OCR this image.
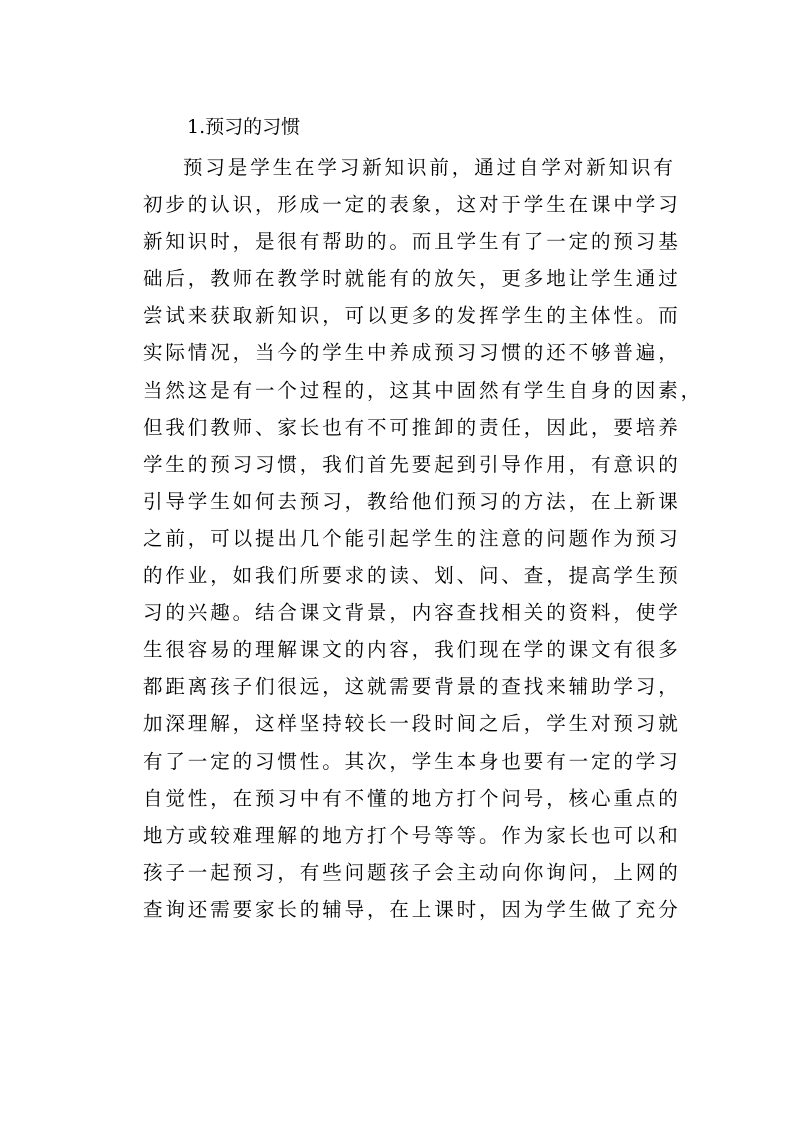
1.预习的习惯
预习是学生在学习新知识前，通过自学对新知识有
初步的认识，形成一定的表象，这对于学生在课中学习
新知识时，是很有帮助的。而且学生有了一定的预习基
础后，教师在教学时就能有的放矢，更多地让学生通过
尝试来获取新知识，可以更多的发挥学生的主体性。而
实际情况，当今的学生中养成预习习惯的还不够普遍，
当然这是有一个过程的，这其中固然有学生自身的因素，
但我们教师、家长也有不可推卸的责任，因此，要培养
学生的预习习惯，我们首先要起到引导作用，有意识的
引导学生如何去预习，教给他们预习的方法，在上新课
之前，可以提出几个能引起学生的注意的问题作为预习
的作业，如我们所要求的读、划、问、查，提高学生预
习的兴趣。结合课文背景，内容查找相关的资料，使学
生很容易的理解课文的内容，我们现在学的课文有很多
都距离孩子们很远，这就需要背景的查找来辅助学习，
加深理解，这样坚持较长一段时间之后，学生对预习就
有了一定的习惯性。其次，学生本身也要有一定的学习
自觉性，在预习中有不懂的地方打个问号，核心重点的
地方或较难理解的地方打个号等等。作为家长也可以和
孩子一起预习，有些问题孩子会主动向你询问，上网的
查询还需要家长的辅导，在上课时，因为学生做了充分
